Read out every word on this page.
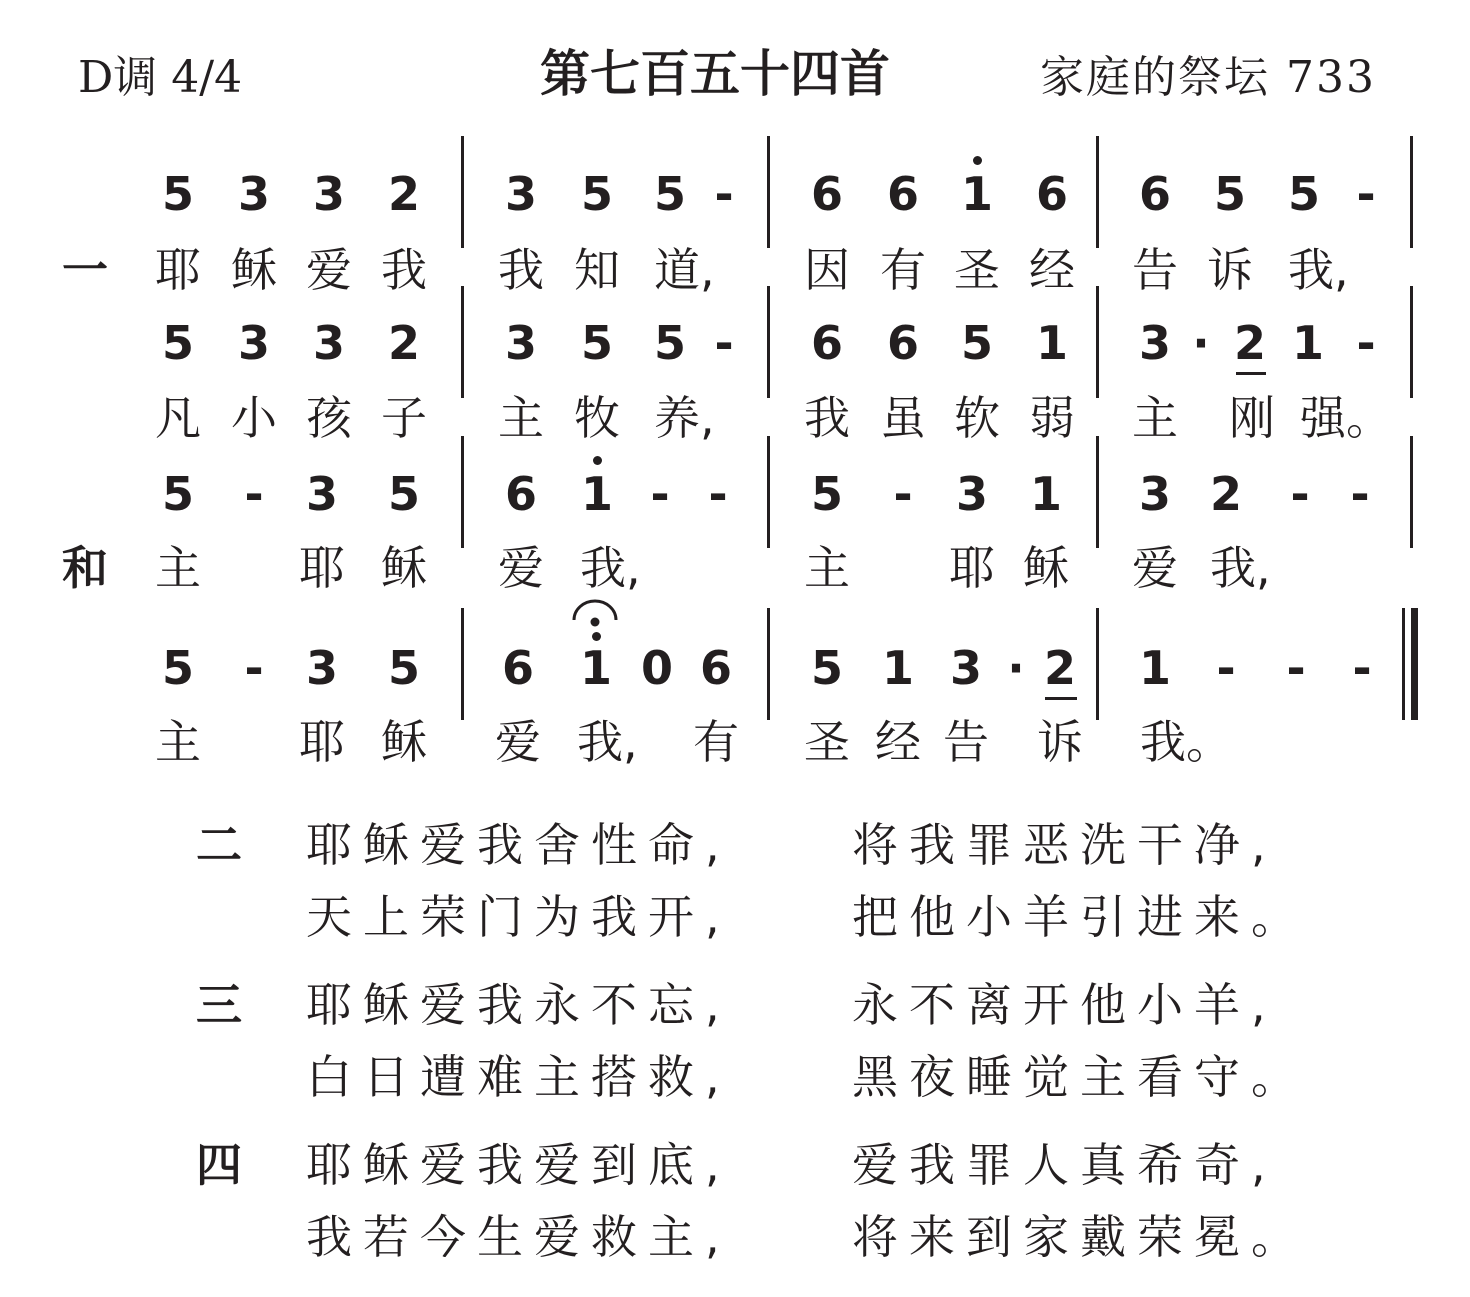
D调 4/4	第七百五十四首	家庭的祭坛 733
5 3 3 2 3 5 5 - 6 6 1 6 6 5 5 -
一 耶 稣 爱 我 我 知 道, 因 有 圣 经 告 诉 我,
5 3 3 2 3 5 5 - 6 6 5 1 3 · 2 1 -
凡 小 孩 子 主 牧 养, 我 虽 软 弱 主 刚 强。
5 - 3 5 6 1 - - 5 - 3 1 3 2 - -
和 主 耶 稣 爱 我,	主 耶 稣 爱 我,
5 - 3 5 6 1 0 6 5 1 3 · 2 1 - - -
主 耶 稣 爱 我, 有 圣 经 告 诉 我。
二 耶稣爱我舍性命,	将我罪恶洗干净,
天上荣门为我开,	把他小羊引进来。
三 耶稣爱我永不忘,	永不离开他小羊,
白日遭难主搭救,	黑夜睡觉主看守。
四 耶稣爱我爱到底,	爱我罪人真希奇,
我若今生爱救主,	将来到家戴荣冕。
